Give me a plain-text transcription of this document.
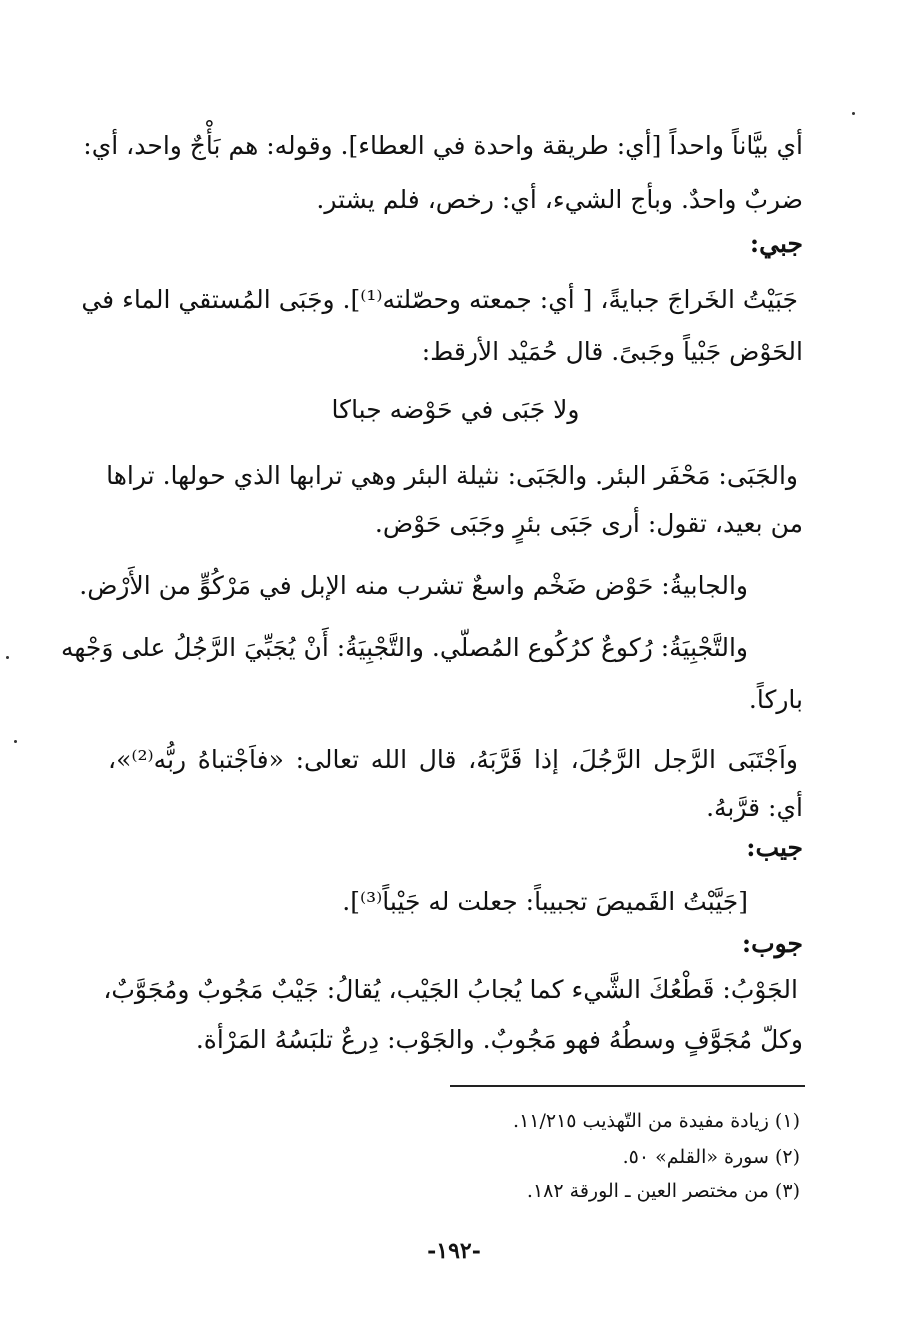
أي بيَّاناً واحداً [أي: طريقة واحدة في العطاء]. وقوله: هم بَأْجٌ واحد، أي:
ضربٌ واحدٌ. وبأج الشيء، أي: رخص، فلم يشتر.
جبي:
جَبَيْتُ الخَراجَ جبايةً، [ أي: جمعته وحصّلته⁽¹⁾]. وجَبَى المُستقي الماء في
الحَوْض جَبْياً وجَبىً. قال حُمَيْد الأرقط:
ولا جَبَى في حَوْضه جباكا
والجَبَى: مَحْفَر البئر. والجَبَى: نثيلة البئر وهي ترابها الذي حولها. تراها
من بعيد، تقول: أرى جَبَى بئرٍ وجَبَى حَوْض.
والجابيةُ: حَوْض ضَخْم واسعٌ تشرب منه الإبل في مَرْكُوٍّ من الأَرْض.
والتَّجْبِيَةُ: رُكوعٌ كرُكُوع المُصلّي. والتَّجْبِيَةُ: أَنْ يُجَبِّيَ الرَّجُلُ على وَجْهه
باركاً.
واَجْتَبَى الرَّجل الرَّجُلَ، إذا قَرَّبَهُ، قال الله تعالى: «فاَجْتباهُ ربُّه⁽²⁾»،
أي: قرَّبهُ.
جيب:
[جَيَّبْتُ القَميصَ تجبيباً: جعلت له جَيْباً⁽³⁾].
جوب:
الجَوْبُ: قَطْعُكَ الشَّيء كما يُجابُ الجَيْب، يُقالُ: جَيْبٌ مَجُوبٌ ومُجَوَّبٌ،
وكلّ مُجَوَّفٍ وسطُهُ فهو مَجُوبٌ. والجَوْب: دِرعٌ تلبَسُهُ المَرْأة.
(١) زيادة مفيدة من التّهذيب ١١/٢١٥.
(٢) سورة «القلم» ٥٠.
(٣) من مختصر العين ـ الورقة ١٨٢.
-١٩٢-
